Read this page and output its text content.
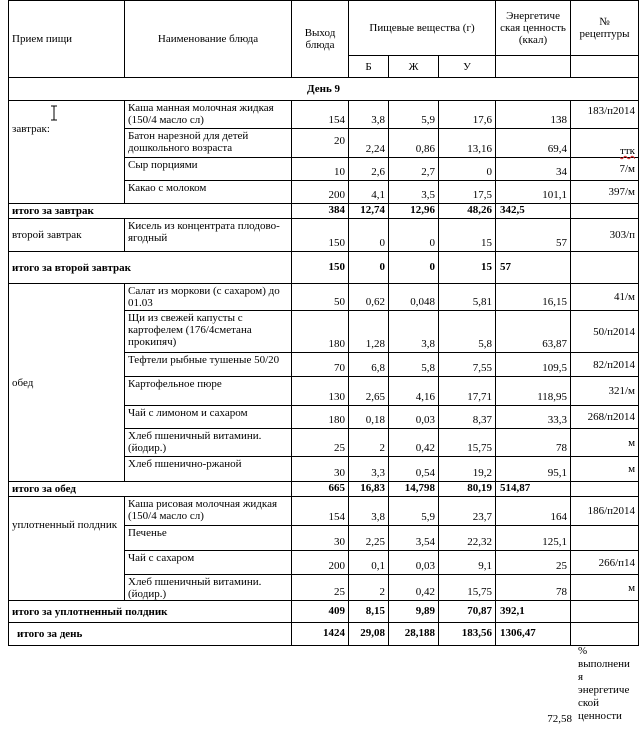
Прием пищи	Наименование блюда	Выход блюда	Пищевые вещества (г)			Энергетиче ская ценность (ккал)	№ рецептуры
			Б	Ж	У		
День 9							
завтрак:	Каша манная молочная жидкая (150/4 масло сл)	154	3,8	5,9	17,6	138	183/п2014
	Батон нарезной для детей дошкольного возраста	20	2,24	0,86	13,16	69,4	ттк
	Сыр порциями	10	2,6	2,7	0	34	7/м
	Какао с молоком	200	4,1	3,5	17,5	101,1	397/м
итого за завтрак		384	12,74	12,96	48,26	342,5	
второй завтрак	Кисель из концентрата плодово-ягодный	150	0	0	15	57	303/п
итого за второй завтрак		150	0	0	15	57	
обед	Салат из моркови (с сахаром) до 01.03	50	0,62	0,048	5,81	16,15	41/м
	Щи из свежей капусты с картофелем (176/4сметана прокипяч)	180	1,28	3,8	5,8	63,87	50/п2014
	Тефтели рыбные тушеные 50/20	70	6,8	5,8	7,55	109,5	82/п2014
	Картофельное пюре	130	2,65	4,16	17,71	118,95	321/м
	Чай с лимоном и сахаром	180	0,18	0,03	8,37	33,3	268/п2014
	Хлеб пшеничный витамини.(йодир.)	25	2	0,42	15,75	78	м
	Хлеб пшенично-ржаной	30	3,3	0,54	19,2	95,1	м
итого за обед		665	16,83	14,798	80,19	514,87	
уплотненный полдник	Каша рисовая молочная жидкая (150/4 масло сл)	154	3,8	5,9	23,7	164	186/п2014
	Печенье	30	2,25	3,54	22,32	125,1	
	Чай с сахаром	200	0,1	0,03	9,1	25	266/п14
	Хлеб пшеничный витамини.(йодир.)	25	2	0,42	15,75	78	м
итого за уплотненный полдник		409	8,15	9,89	70,87	392,1	
итого за день		1424	29,08	28,188	183,56	1306,47	
72,58
% выполнени я энергетиче ской ценности
